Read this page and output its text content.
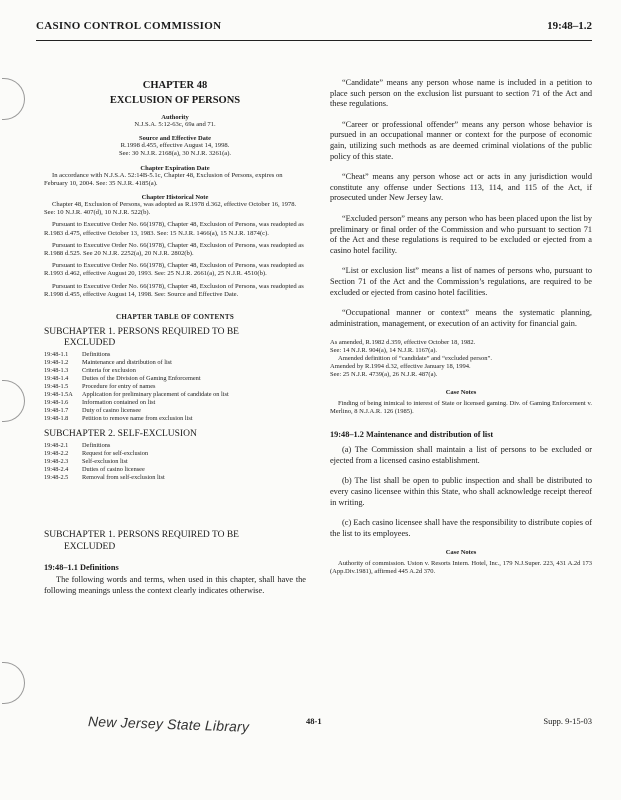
CASINO CONTROL COMMISSION	19:48–1.2
CHAPTER 48
EXCLUSION OF PERSONS
Authority
N.J.S.A. 5:12-63c, 69a and 71.
Source and Effective Date
R.1998 d.455, effective August 14, 1998.
See: 30 N.J.R. 2168(a), 30 N.J.R. 3261(a).
Chapter Expiration Date
In accordance with N.J.S.A. 52:14B-5.1c, Chapter 48, Exclusion of Persons, expires on February 10, 2004. See: 35 N.J.R. 4185(a).
Chapter Historical Note
Chapter 48, Exclusion of Persons, was adopted as R.1978 d.362, effective October 16, 1978. See: 10 N.J.R. 407(d), 10 N.J.R. 522(b).
Pursuant to Executive Order No. 66(1978), Chapter 48, Exclusion of Persons, was readopted as R.1983 d.475, effective October 13, 1983. See: 15 N.J.R. 1466(a), 15 N.J.R. 1874(c).
Pursuant to Executive Order No. 66(1978), Chapter 48, Exclusion of Persons, was readopted as R.1988 d.525. See 20 N.J.R. 2252(a), 20 N.J.R. 2802(b).
Pursuant to Executive Order No. 66(1978), Chapter 48, Exclusion of Persons, was readopted as R.1993 d.462, effective August 20, 1993. See: 25 N.J.R. 2661(a), 25 N.J.R. 4510(b).
Pursuant to Executive Order No. 66(1978), Chapter 48, Exclusion of Persons, was readopted as R.1998 d.455, effective August 14, 1998. See: Source and Effective Date.
CHAPTER TABLE OF CONTENTS
SUBCHAPTER 1. PERSONS REQUIRED TO BE
EXCLUDED
19:48-1.1	Definitions
19:48-1.2	Maintenance and distribution of list
19:48-1.3	Criteria for exclusion
19:48-1.4	Duties of the Division of Gaming Enforcement
19:48-1.5	Procedure for entry of names
19:48-1.5A	Application for preliminary placement of candidate on list
19:48-1.6	Information contained on list
19:48-1.7	Duty of casino licensee
19:48-1.8	Petition to remove name from exclusion list
SUBCHAPTER 2. SELF-EXCLUSION
19:48-2.1	Definitions
19:48-2.2	Request for self-exclusion
19:48-2.3	Self-exclusion list
19:48-2.4	Duties of casino licensee
19:48-2.5	Removal from self-exclusion list
SUBCHAPTER 1. PERSONS REQUIRED TO BE
EXCLUDED
19:48–1.1 Definitions
The following words and terms, when used in this chapter, shall have the following meanings unless the context clearly indicates otherwise.
“Candidate” means any person whose name is included in a petition to place such person on the exclusion list pursuant to section 71 of the Act and these regulations.
“Career or professional offender” means any person whose behavior is pursued in an occupational manner or context for the purpose of economic gain, utilizing such methods as are deemed criminal violations of the public policy of this state.
“Cheat” means any person whose act or acts in any jurisdiction would constitute any offense under Sections 113, 114, and 115 of the Act, if prosecuted under New Jersey law.
“Excluded person” means any person who has been placed upon the list by preliminary or final order of the Commission and who pursuant to section 71 of the Act and these regulations is required to be excluded or ejected from a casino hotel facility.
“List or exclusion list” means a list of names of persons who, pursuant to Section 71 of the Act and the Commission’s regulations, are required to be excluded or ejected from casino hotel facilities.
“Occupational manner or context” means the systematic planning, administration, management, or execution of an activity for financial gain.
As amended, R.1982 d.359, effective October 18, 1982.
See: 14 N.J.R. 904(a), 14 N.J.R. 1167(a).
Amended definition of “candidate” and “excluded person”.
Amended by R.1994 d.32, effective January 18, 1994.
See: 25 N.J.R. 4739(a), 26 N.J.R. 487(a).
Case Notes
Finding of being inimical to interest of State or licensed gaming. Div. of Gaming Enforcement v. Merlino, 8 N.J.A.R. 126 (1985).
19:48–1.2 Maintenance and distribution of list
(a) The Commission shall maintain a list of persons to be excluded or ejected from a licensed casino establishment.
(b) The list shall be open to public inspection and shall be distributed to every casino licensee within this State, who shall acknowledge receipt thereof in writing.
(c) Each casino licensee shall have the responsibility to distribute copies of the list to its employees.
Case Notes
Authority of commission. Uston v. Resorts Intern. Hotel, Inc., 179 N.J.Super. 223, 431 A.2d 173 (App.Div.1981), affirmed 445 A.2d 370.
New Jersey State Library	48-1	Supp. 9-15-03
